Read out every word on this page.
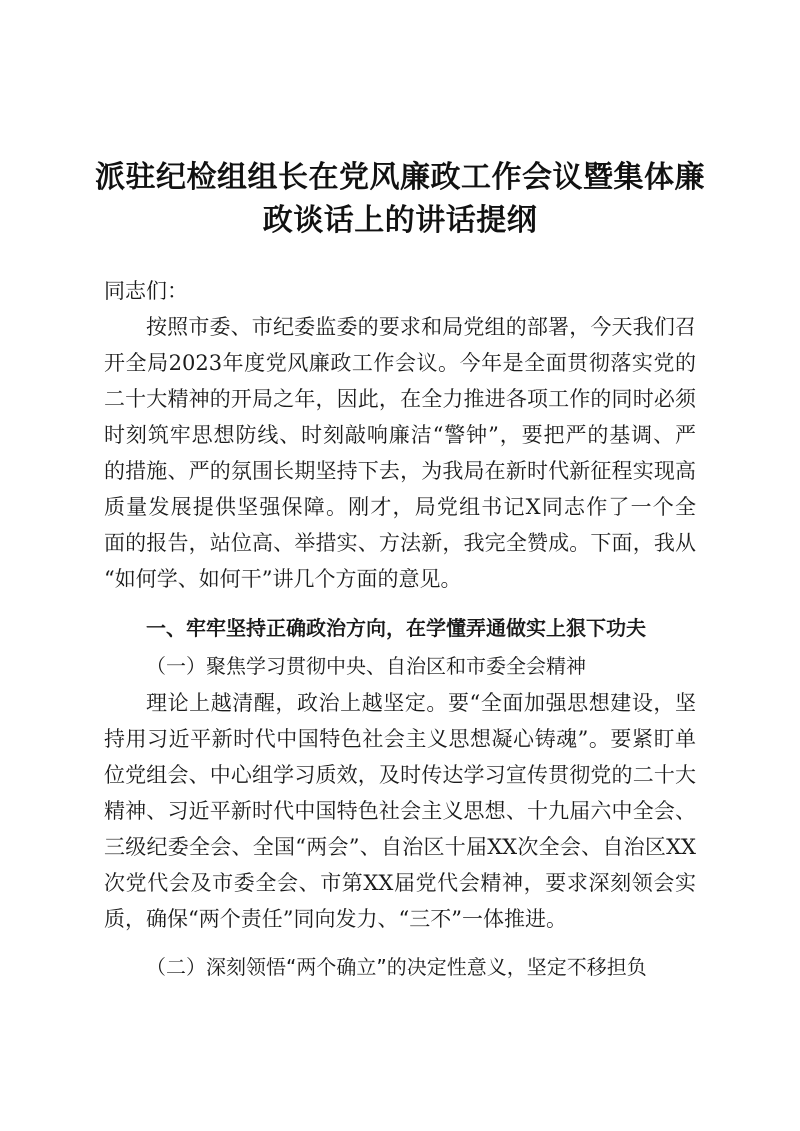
派驻纪检组组长在党风廉政工作会议暨集体廉
政谈话上的讲话提纲
同志们：
按照市委、市纪委监委的要求和局党组的部署，今天我们召
开全局2023年度党风廉政工作会议。今年是全面贯彻落实党的
二十大精神的开局之年，因此，在全力推进各项工作的同时必须
时刻筑牢思想防线、时刻敲响廉洁“警钟”，要把严的基调、严
的措施、严的氛围长期坚持下去，为我局在新时代新征程实现高
质量发展提供坚强保障。刚才，局党组书记X同志作了一个全
面的报告，站位高、举措实、方法新，我完全赞成。下面，我从
“如何学、如何干”讲几个方面的意见。
一、牢牢坚持正确政治方向，在学懂弄通做实上狠下功夫
（一）聚焦学习贯彻中央、自治区和市委全会精神
理论上越清醒，政治上越坚定。要“全面加强思想建设，坚
持用习近平新时代中国特色社会主义思想凝心铸魂”。要紧盯单
位党组会、中心组学习质效，及时传达学习宣传贯彻党的二十大
精神、习近平新时代中国特色社会主义思想、十九届六中全会、
三级纪委全会、全国“两会”、自治区十届XX次全会、自治区XX
次党代会及市委全会、市第XX届党代会精神，要求深刻领会实
质，确保“两个责任”同向发力、“三不”一体推进。
（二）深刻领悟“两个确立”的决定性意义，坚定不移担负
